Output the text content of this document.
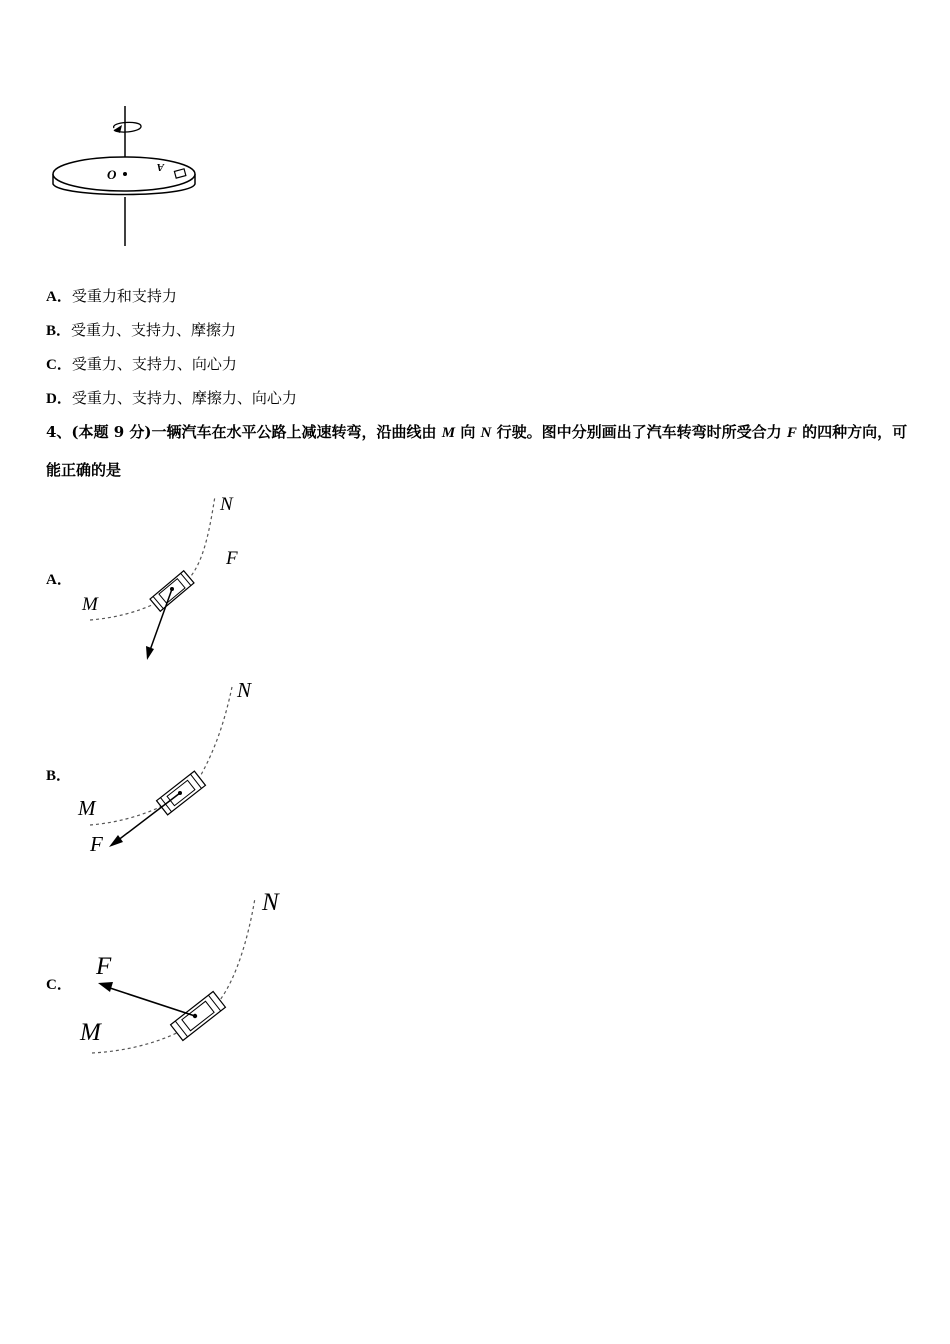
O	A
A．受重力和支持力
B．受重力、支持力、摩擦力
C．受重力、支持力、向心力
D．受重力、支持力、摩擦力、向心力
4、(本题 9 分)一辆汽车在水平公路上减速转弯，沿曲线由 M 向 N 行驶。图中分别画出了汽车转弯时所受合力 F 的四种方向，可能正确的是
A．
M
N
F
B．
M
N
F
C．
M
N
F
